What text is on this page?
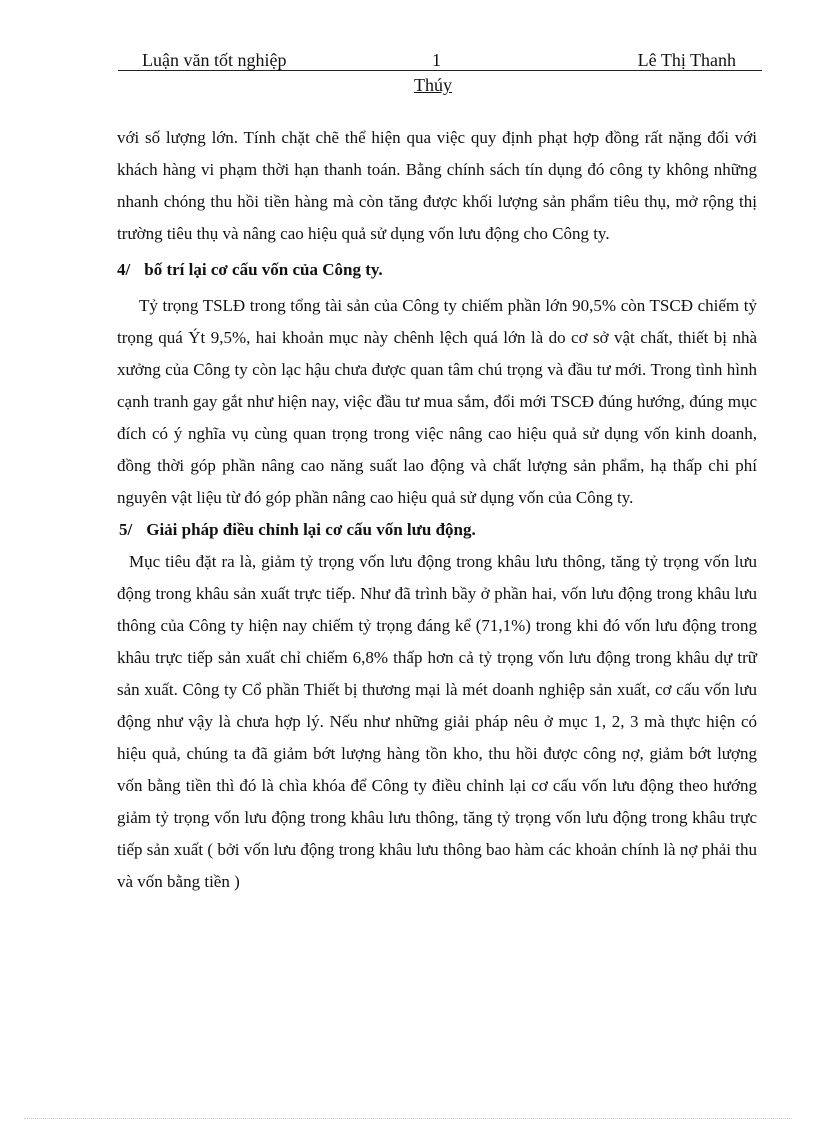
Luận văn tốt nghiệp	1	Lê Thị Thanh
Thúy

với số lượng lớn. Tính chặt chẽ thể hiện qua việc quy định phạt hợp đồng rất nặng đối với khách hàng vi phạm thời hạn thanh toán. Bằng chính sách tín dụng đó công ty không những nhanh chóng thu hồi tiền hàng mà còn tăng được khối lượng sản phẩm tiêu thụ, mở rộng thị trường tiêu thụ và nâng cao hiệu quả sử dụng vốn lưu động cho Công ty.

4/ bố trí lại cơ cấu vốn của Công ty.

Tỷ trọng TSLĐ trong tổng tài sản của Công ty chiếm phần lớn 90,5% còn TSCĐ chiếm tỷ trọng quá Ýt 9,5%, hai khoản mục này chênh lệch quá lớn là do cơ sở vật chất, thiết bị nhà xưởng của Công ty còn lạc hậu chưa được quan tâm chú trọng và đầu tư mới. Trong tình hình cạnh tranh gay gắt như hiện nay, việc đầu tư mua sắm, đổi mới TSCĐ đúng hướng, đúng mục đích có ý nghĩa vụ cùng quan trọng trong việc nâng cao hiệu quả sử dụng vốn kinh doanh, đồng thời góp phần nâng cao năng suất lao động và chất lượng sản phẩm, hạ thấp chi phí nguyên vật liệu từ đó góp phần nâng cao hiệu quả sử dụng vốn của Công ty.

5/ Giải pháp điều chỉnh lại cơ cấu vốn lưu động.

Mục tiêu đặt ra là, giảm tỷ trọng vốn lưu động trong khâu lưu thông, tăng tỷ trọng vốn lưu động trong khâu sản xuất trực tiếp. Như đã trình bầy ở phần hai, vốn lưu động trong khâu lưu thông của Công ty hiện nay chiếm tỷ trọng đáng kể (71,1%) trong khi đó vốn lưu động trong khâu trực tiếp sản xuất chỉ chiếm 6,8% thấp hơn cả tỷ trọng vốn lưu động trong khâu dự trữ sản xuất. Công ty Cổ phần Thiết bị thương mại là mét doanh nghiệp sản xuất, cơ cấu vốn lưu động như vậy là chưa hợp lý. Nếu như những giải pháp nêu ở mục 1, 2, 3 mà thực hiện có hiệu quả, chúng ta đã giảm bớt lượng hàng tồn kho, thu hồi được công nợ, giảm bớt lượng vốn bằng tiền thì đó là chìa khóa để Công ty điều chỉnh lại cơ cấu vốn lưu động theo hướng giảm tỷ trọng vốn lưu động trong khâu lưu thông, tăng tỷ trọng vốn lưu động trong khâu trực tiếp sản xuất ( bởi vốn lưu động trong khâu lưu thông bao hàm các khoản chính là nợ phải thu và vốn bằng tiền )
